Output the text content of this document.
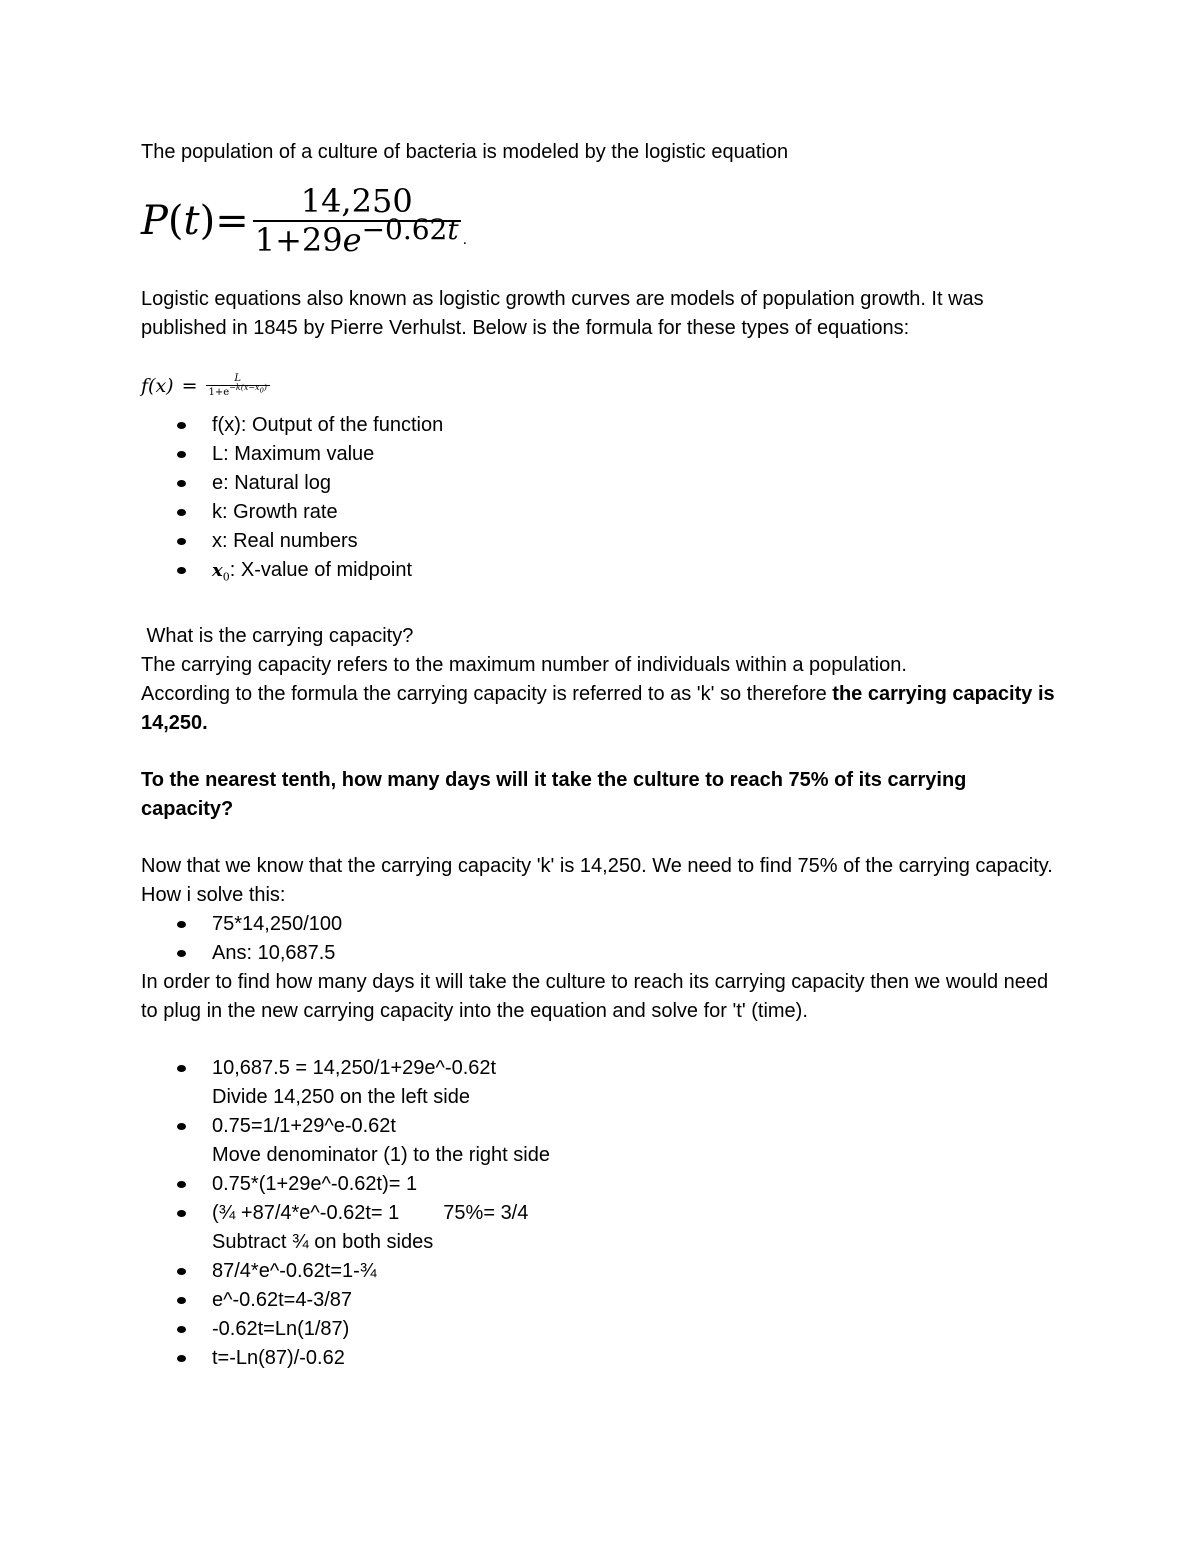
The population of a culture of bacteria is modeled by the logistic equation

$P(t)= \frac{14,250}{1+29e^{-0.62t}}$ .

Logistic equations also known as logistic growth curves are models of population growth. It was published in 1845 by Pierre Verhulst. Below is the formula for these types of equations:

$f(x) = \frac{L}{1+e^{-k(x-x_0)}}$
f(x): Output of the function
L: Maximum value
e: Natural log
k: Growth rate
x: Real numbers
$x_0$: X-value of midpoint

What is the carrying capacity?

The carrying capacity refers to the maximum number of individuals within a population.

According to the formula the carrying capacity is referred to as 'k' so therefore the carrying capacity is 14,250.

To the nearest tenth, how many days will it take the culture to reach 75% of its carrying capacity?

Now that we know that the carrying capacity 'k' is 14,250. We need to find 75% of the carrying capacity.

How i solve this:

75*14,250/100
Ans: 10,687.5

In order to find how many days it will take the culture to reach its carrying capacity then we would need to plug in the new carrying capacity into the equation and solve for 't' (time).

10,687.5 = 14,250/1+29e^-0.62t
Divide 14,250 on the left side
0.75=1/1+29^e-0.62t
Move denominator (1) to the right side
0.75*(1+29e^-0.62t)= 1
(¾ +87/4*e^-0.62t= 1 75%= 3/4
Subtract ¾ on both sides
87/4*e^-0.62t=1-¾
e^-0.62t=4-3/87
-0.62t=Ln(1/87)
t=-Ln(87)/-0.62
